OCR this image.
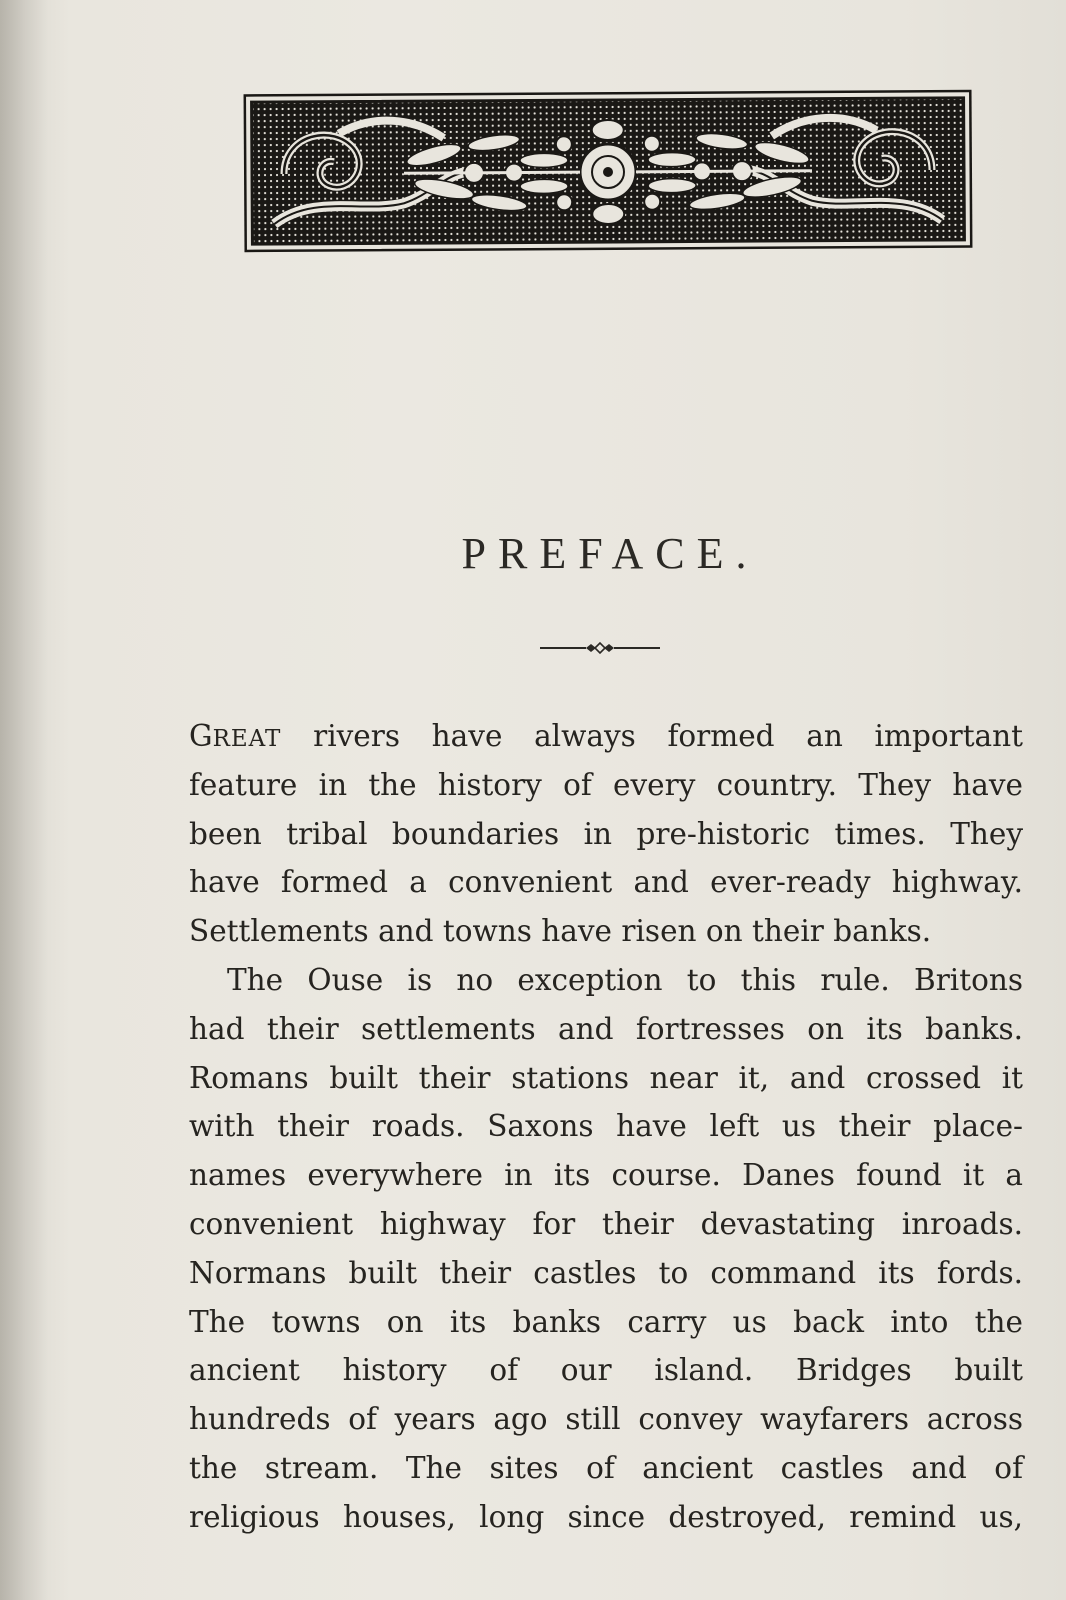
PREFACE.
GREAT rivers have always formed an important
feature in the history of every country. They have
been tribal boundaries in pre-historic times. They
have formed a convenient and ever-ready highway.
Settlements and towns have risen on their banks.
The Ouse is no exception to this rule. Britons
had their settlements and fortresses on its banks.
Romans built their stations near it, and crossed it
with their roads. Saxons have left us their place-
names everywhere in its course. Danes found it a
convenient highway for their devastating inroads.
Normans built their castles to command its fords.
The towns on its banks carry us back into the
ancient history of our island. Bridges built
hundreds of years ago still convey wayfarers across
the stream. The sites of ancient castles and of
religious houses, long since destroyed, remind us,
